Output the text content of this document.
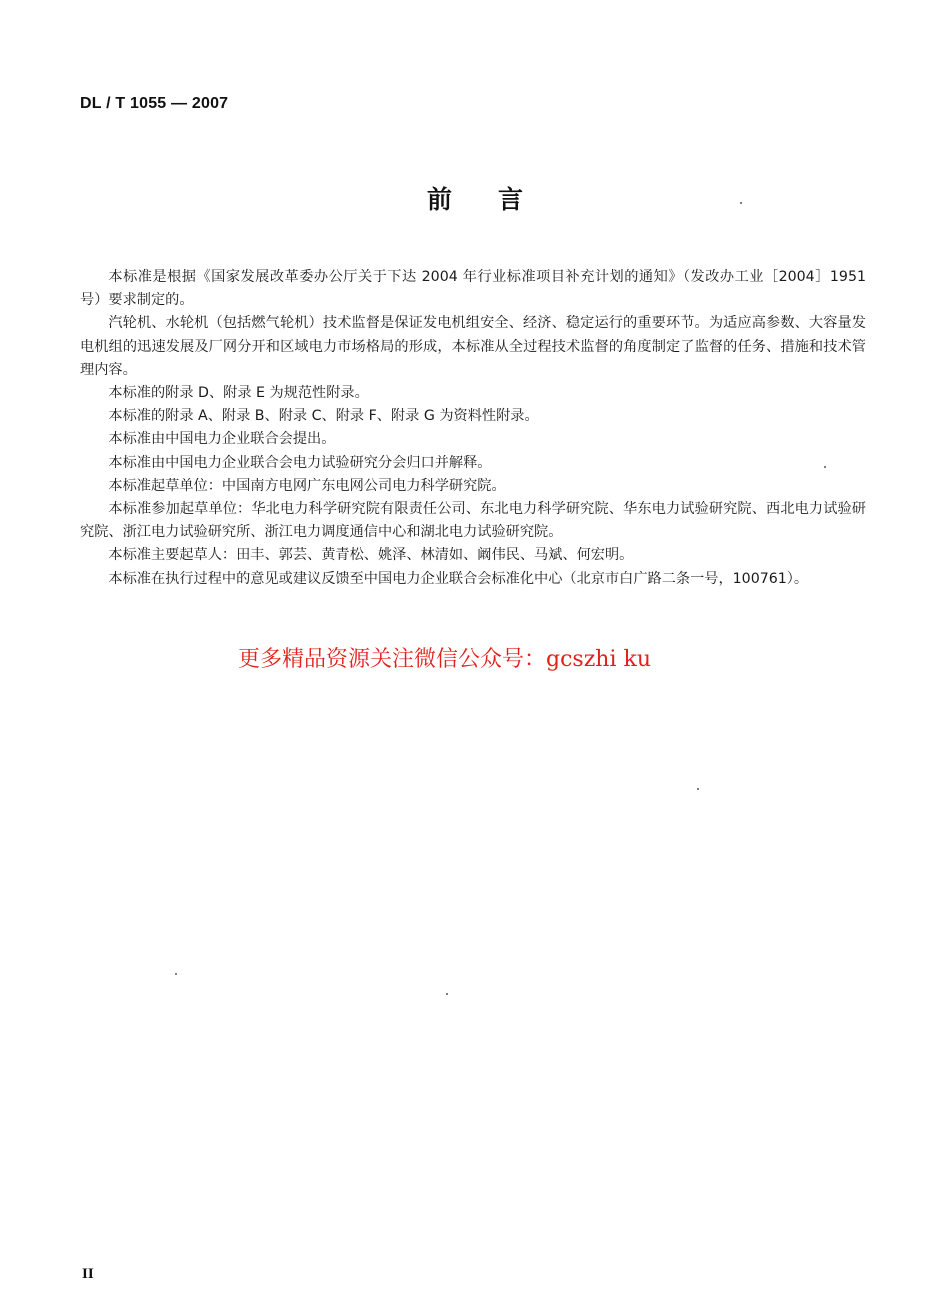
DL / T 1055 — 2007
前言

本标准是根据《国家发展改革委办公厅关于下达 2004 年行业标准项目补充计划的通知》（发改办工业［2004］1951 号）要求制定的。

汽轮机、水轮机（包括燃气轮机）技术监督是保证发电机组安全、经济、稳定运行的重要环节。为适应高参数、大容量发电机组的迅速发展及厂网分开和区域电力市场格局的形成，本标准从全过程技术监督的角度制定了监督的任务、措施和技术管理内容。

本标准的附录 D、附录 E 为规范性附录。

本标准的附录 A、附录 B、附录 C、附录 F、附录 G 为资料性附录。

本标准由中国电力企业联合会提出。

本标准由中国电力企业联合会电力试验研究分会归口并解释。

本标准起草单位：中国南方电网广东电网公司电力科学研究院。

本标准参加起草单位：华北电力科学研究院有限责任公司、东北电力科学研究院、华东电力试验研究院、西北电力试验研究院、浙江电力试验研究所、浙江电力调度通信中心和湖北电力试验研究院。

本标准主要起草人：田丰、郭芸、黄青松、姚泽、林清如、阚伟民、马斌、何宏明。

本标准在执行过程中的意见或建议反馈至中国电力企业联合会标准化中心（北京市白广路二条一号，100761）。

更多精品资源关注微信公众号：gcszhi ku
II
